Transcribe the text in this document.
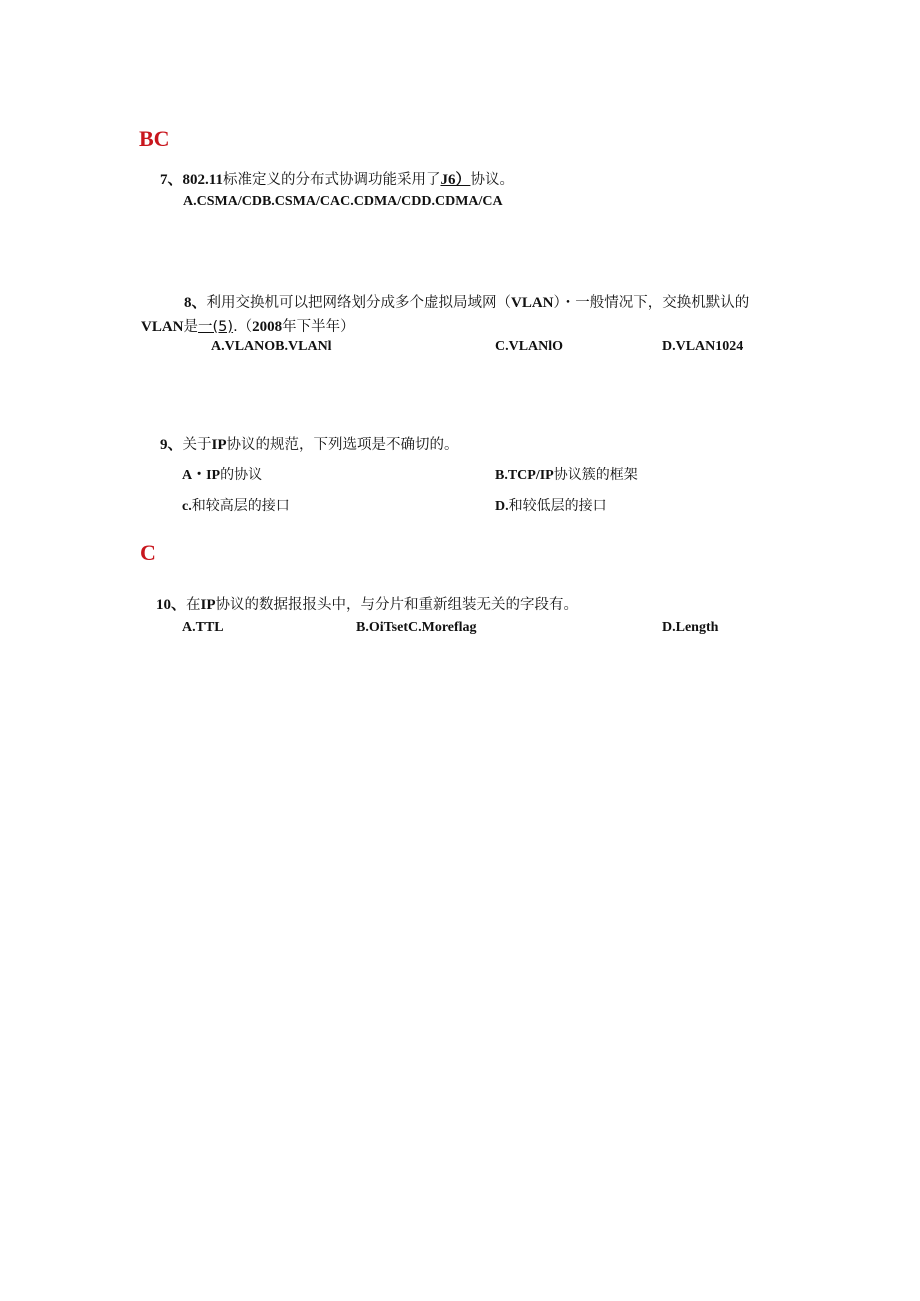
BC
7、802.11标准定义的分布式协调功能采用了J6）协议。
A.CSMA/CDB.CSMA/CAC.CDMA/CDD.CDMA/CA
8、利用交换机可以把网络划分成多个虚拟局域网（VLAN）・一般情况下，交换机默认的
VLAN是一(5).（2008年下半年）
A.VLANOB.VLANl	C.VLANlO	D.VLAN1024
9、关于IP协议的规范，下列选项是不确切的。
A・IP的协议	B.TCP/IP协议簇的框架
c.和较高层的接口	D.和较低层的接口
C
10、在IP协议的数据报报头中，与分片和重新组装无关的字段有。
A.TTL	B.OiTsetC.Moreflag	D.Length
